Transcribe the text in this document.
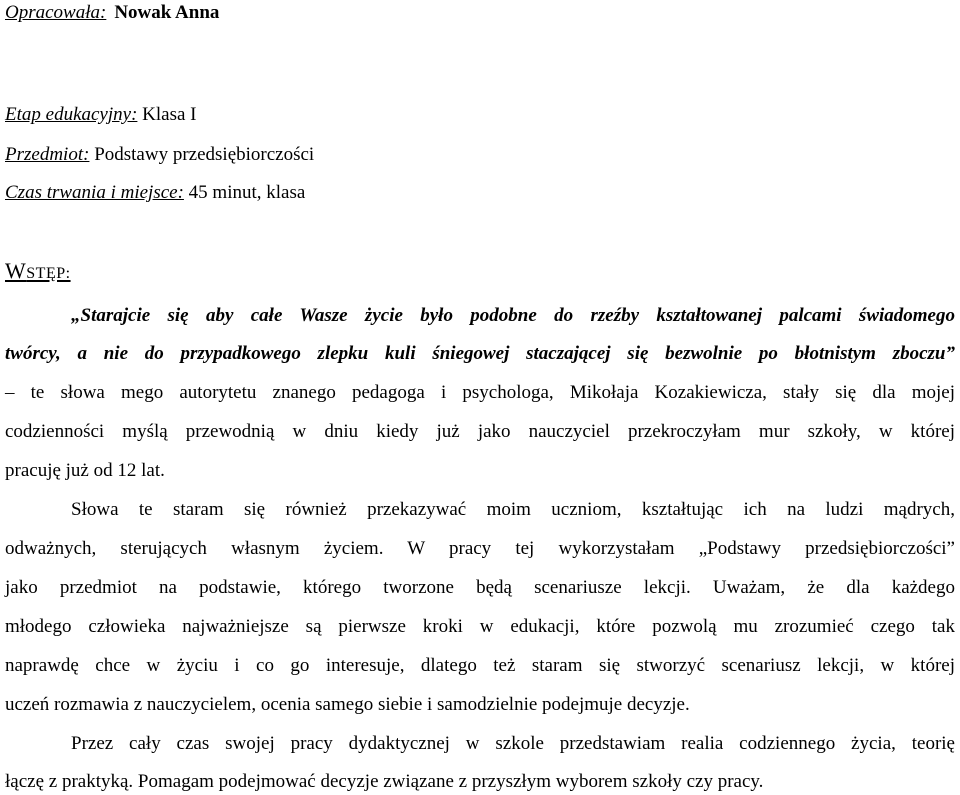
Opracowała: Nowak Anna
Etap edukacyjny: Klasa I
Przedmiot: Podstawy przedsiębiorczości
Czas trwania i miejsce: 45 minut, klasa
WSTĘP:
„Starajcie się aby całe Wasze życie było podobne do rzeźby kształtowanej palcami świadomego
twórcy, a nie do przypadkowego zlepku kuli śniegowej staczającej się bezwolnie po błotnistym zboczu”
– te słowa mego autorytetu znanego pedagoga i psychologa, Mikołaja Kozakiewicza, stały się dla mojej
codzienności myślą przewodnią w dniu kiedy już jako nauczyciel przekroczyłam mur szkoły, w której
pracuję już od 12 lat.
Słowa te staram się również przekazywać moim uczniom, kształtując ich na ludzi mądrych,
odważnych, sterujących własnym życiem. W pracy tej wykorzystałam „Podstawy przedsiębiorczości”
jako przedmiot na podstawie, którego tworzone będą scenariusze lekcji. Uważam, że dla każdego
młodego człowieka najważniejsze są pierwsze kroki w edukacji, które pozwolą mu zrozumieć czego tak
naprawdę chce w życiu i co go interesuje, dlatego też staram się stworzyć scenariusz lekcji, w której
uczeń rozmawia z nauczycielem, ocenia samego siebie i samodzielnie podejmuje decyzje.
Przez cały czas swojej pracy dydaktycznej w szkole przedstawiam realia codziennego życia, teorię
łączę z praktyką. Pomagam podejmować decyzje związane z przyszłym wyborem szkoły czy pracy.
